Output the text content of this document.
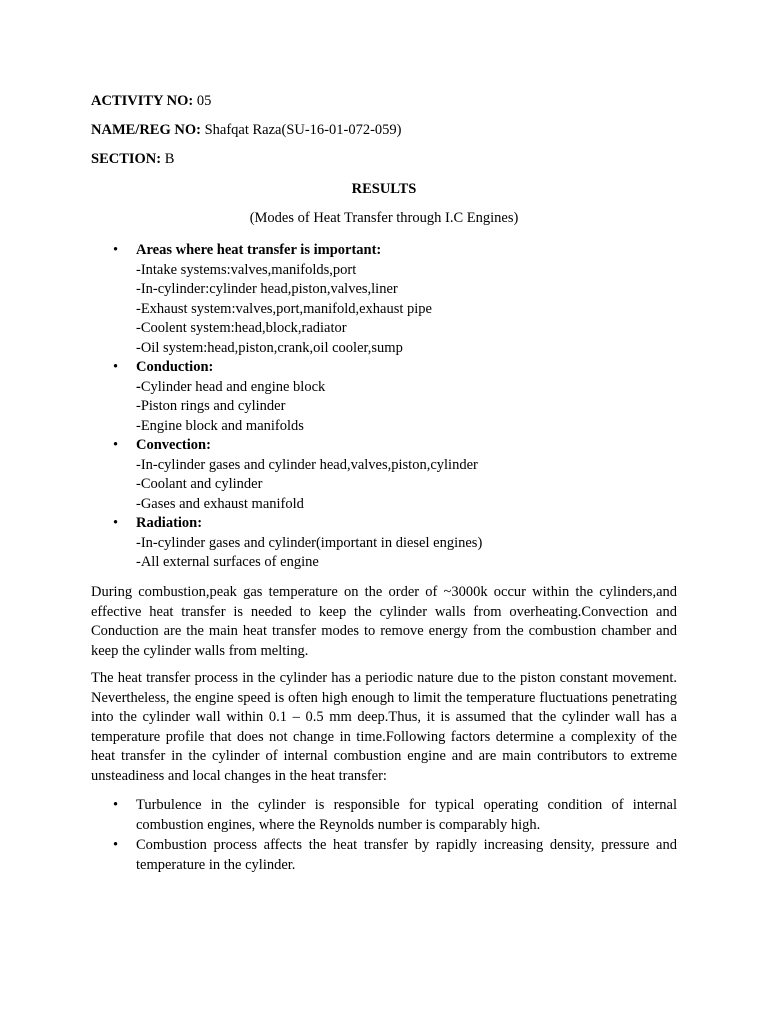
ACTIVITY NO: 05
NAME/REG NO: Shafqat Raza(SU-16-01-072-059)
SECTION: B
RESULTS
(Modes of Heat Transfer through I.C Engines)
• Areas where heat transfer is important:
-Intake systems:valves,manifolds,port
-In-cylinder:cylinder head,piston,valves,liner
-Exhaust system:valves,port,manifold,exhaust pipe
-Coolent system:head,block,radiator
-Oil system:head,piston,crank,oil cooler,sump
• Conduction:
-Cylinder head and engine block
-Piston rings and cylinder
-Engine block and manifolds
• Convection:
-In-cylinder gases and cylinder head,valves,piston,cylinder
-Coolant and cylinder
-Gases and exhaust manifold
• Radiation:
-In-cylinder gases and cylinder(important in diesel engines)
-All external surfaces of engine

During combustion,peak gas temperature on the order of ~3000k occur within the cylinders,and effective heat transfer is needed to keep the cylinder walls from overheating.Convection and Conduction are the main heat transfer modes to remove energy from the combustion chamber and keep the cylinder walls from melting.

The heat transfer process in the cylinder has a periodic nature due to the piston constant movement. Nevertheless, the engine speed is often high enough to limit the temperature fluctuations penetrating into the cylinder wall within 0.1 – 0.5 mm deep.Thus, it is assumed that the cylinder wall has a temperature profile that does not change in time.Following factors determine a complexity of the heat transfer in the cylinder of internal combustion engine and are main contributors to extreme unsteadiness and local changes in the heat transfer:

• Turbulence in the cylinder is responsible for typical operating condition of internal combustion engines, where the Reynolds number is comparably high.

• Combustion process affects the heat transfer by rapidly increasing density, pressure and temperature in the cylinder.
